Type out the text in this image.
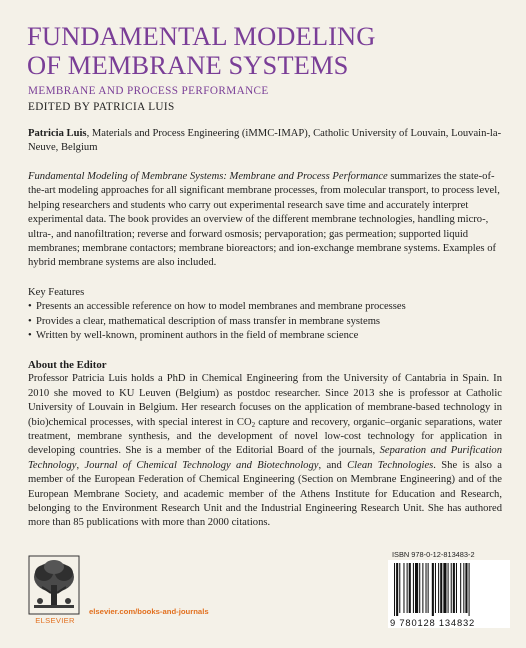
FUNDAMENTAL MODELING
OF MEMBRANE SYSTEMS
MEMBRANE AND PROCESS PERFORMANCE
EDITED BY PATRICIA LUIS
Patricia Luis, Materials and Process Engineering (iMMC-IMAP), Catholic University of Louvain, Louvain-la-Neuve, Belgium
Fundamental Modeling of Membrane Systems: Membrane and Process Performance summarizes the state-of-the-art modeling approaches for all significant membrane processes, from molecular transport, to process level, helping researchers and students who carry out experimental research save time and accurately interpret experimental data. The book provides an overview of the different membrane technologies, handling micro-, ultra-, and nanofiltration; reverse and forward osmosis; pervaporation; gas permeation; supported liquid membranes; membrane contactors; membrane bioreactors; and ion-exchange membrane systems. Examples of hybrid membrane systems are also included.
Key Features
• Presents an accessible reference on how to model membranes and membrane processes
• Provides a clear, mathematical description of mass transfer in membrane systems
• Written by well-known, prominent authors in the field of membrane science
About the Editor
Professor Patricia Luis holds a PhD in Chemical Engineering from the University of Cantabria in Spain. In 2010 she moved to KU Leuven (Belgium) as postdoc researcher. Since 2013 she is professor at Catholic University of Louvain in Belgium. Her research focuses on the application of membrane-based technology in (bio)chemical processes, with special interest in $CO_2$ capture and recovery, organic–organic separations, water treatment, membrane synthesis, and the development of novel low-cost technology for application in developing countries. She is a member of the Editorial Board of the journals, Separation and Purification Technology, Journal of Chemical Technology and Biotechnology, and Clean Technologies. She is also a member of the European Federation of Chemical Engineering (Section on Membrane Engineering) and of the European Membrane Society, and academic member of the Athens Institute for Education and Research, belonging to the Environment Research Unit and the Industrial Engineering Research Unit. She has authored more than 85 publications with more than 2000 citations.
ELSEVIER
elsevier.com/books-and-journals
ISBN 978-0-12-813483-2
9 780128 134832
